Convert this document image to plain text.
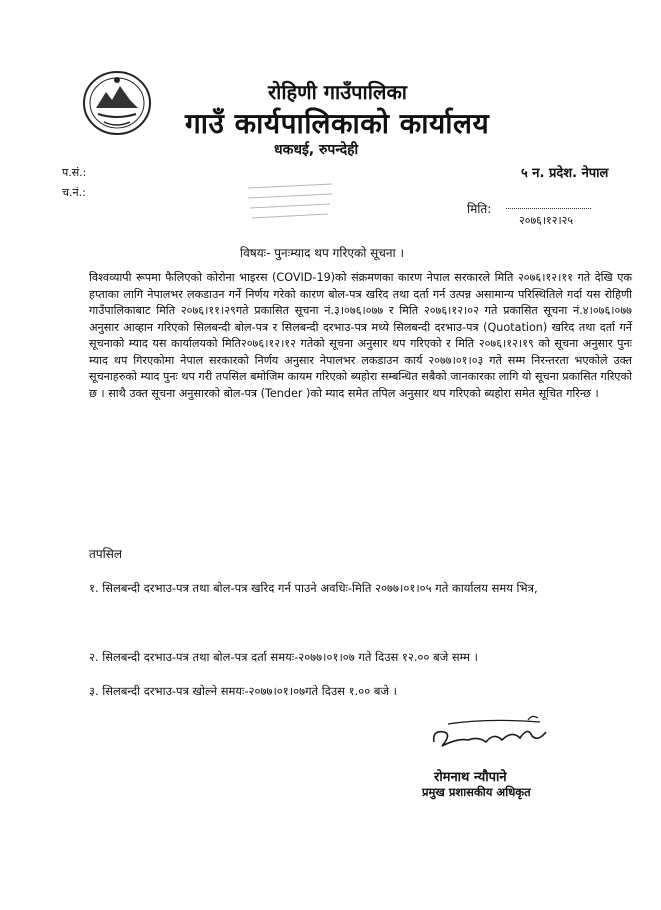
रोहिणी गाउँपालिका
गाउँ कार्यपालिकाको कार्यालय
धकधई, रुपन्देही
५ न. प्रदेश. नेपाल
प.सं.:
च.नं.:
मिति:
२०७६।१२।२५
विषयः- पुनःम्याद थप गरिएको सूचना ।

विश्वव्यापी रूपमा फैलिएको कोरोना भाइरस (COVID-19)को संक्रमणका कारण नेपाल सरकारले मिति २०७६।१२।११ गते देखि एक हप्ताका लागि नेपालभर लकडाउन गर्ने निर्णय गरेको कारण बोल-पत्र खरिद तथा दर्ता गर्न उत्पन्न असामान्य परिस्थितिले गर्दा यस रोहिणी गाउँपालिकाबाट मिति २०७६।११।२९गते प्रकासित सूचना नं.३।०७६।०७७ र मिति २०७६।१२।०२ गते प्रकासित सूचना नं.४।०७६।०७७ अनुसार आव्हान गरिएको सिलबन्दी बोल-पत्र र सिलबन्दी दरभाउ-पत्र मध्ये सिलबन्दी दरभाउ-पत्र (Quotation) खरिद तथा दर्ता गर्ने सूचनाको म्याद यस कार्यालयको मिति२०७६।१२।१२ गतेको सूचना अनुसार थप गरिएको र मिति २०७६।१२।१९ को सूचना अनुसार पुनः म्याद थप गिरएकोमा नेपाल सरकारको निर्णय अनुसार नेपालभर लकडाउन कार्य २०७७।०१।०३ गते सम्म निरन्तरता भएकोले उक्त सूचनाहरुको म्याद पुनः थप गरी तपसिल बमोजिम कायम गरिएको ब्यहोरा सम्बन्धित सबैको जानकारका लागि यो सूचना प्रकासित गरिएको छ । साथै उक्त सूचना अनुसारको बोल-पत्र (Tender )को म्याद समेत तपिल अनुसार थप गरिएको ब्यहोरा समेत सूचित गरिन्छ ।

तपसिल
१. सिलबन्दी दरभाउ-पत्र तथा बोल-पत्र खरिद गर्न पाउने अवधिः-मिति २०७७।०१।०५ गते कार्यालय समय भित्र,
२. सिलबन्दी दरभाउ-पत्र तथा बोल-पत्र दर्ता समयः-२०७७।०१।०७ गते दिउस १२.०० बजे सम्म ।
३. सिलबन्दी दरभाउ-पत्र खोल्ने समयः-२०७७।०१।०७गते दिउस १.०० बजे ।
रोमनाथ न्यौपाने
प्रमुख प्रशासकीय अधिकृत
